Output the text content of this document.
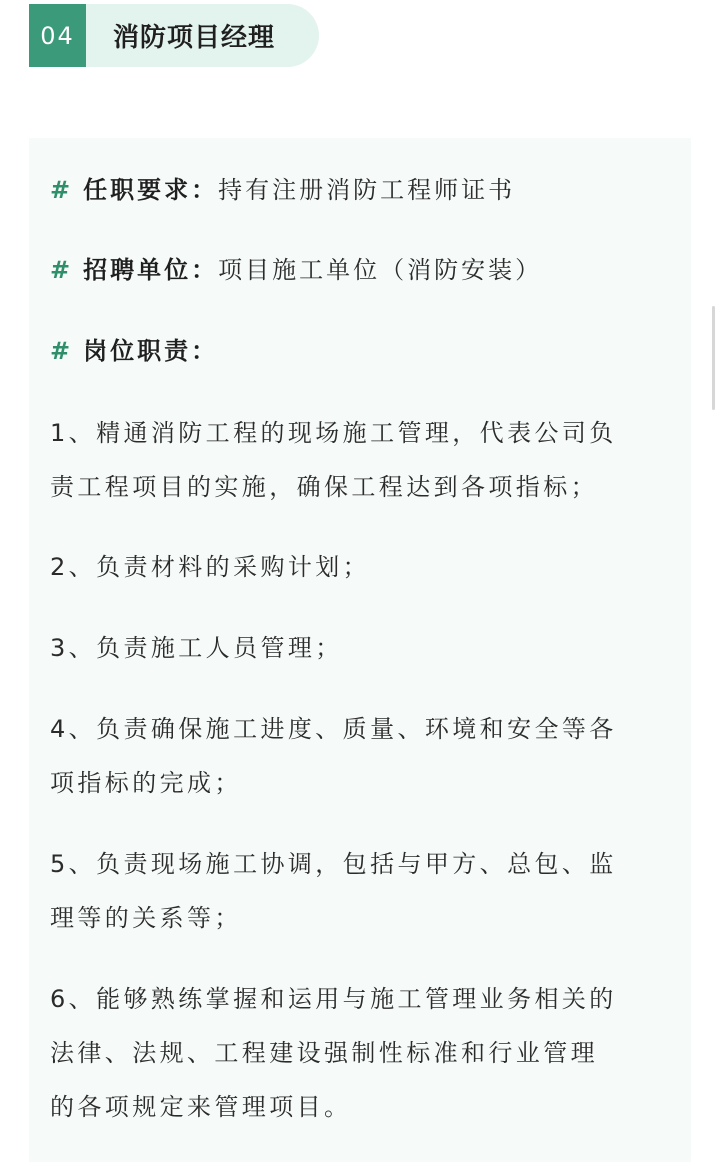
04	消防项目经理
# 任职要求：持有注册消防工程师证书
# 招聘单位：项目施工单位（消防安装）
# 岗位职责：

1、精通消防工程的现场施工管理，代表公司负
责工程项目的实施，确保工程达到各项指标；

2、负责材料的采购计划；

3、负责施工人员管理；

4、负责确保施工进度、质量、环境和安全等各
项指标的完成；

5、负责现场施工协调，包括与甲方、总包、监
理等的关系等；

6、能够熟练掌握和运用与施工管理业务相关的
法律、法规、工程建设强制性标准和行业管理
的各项规定来管理项目。
